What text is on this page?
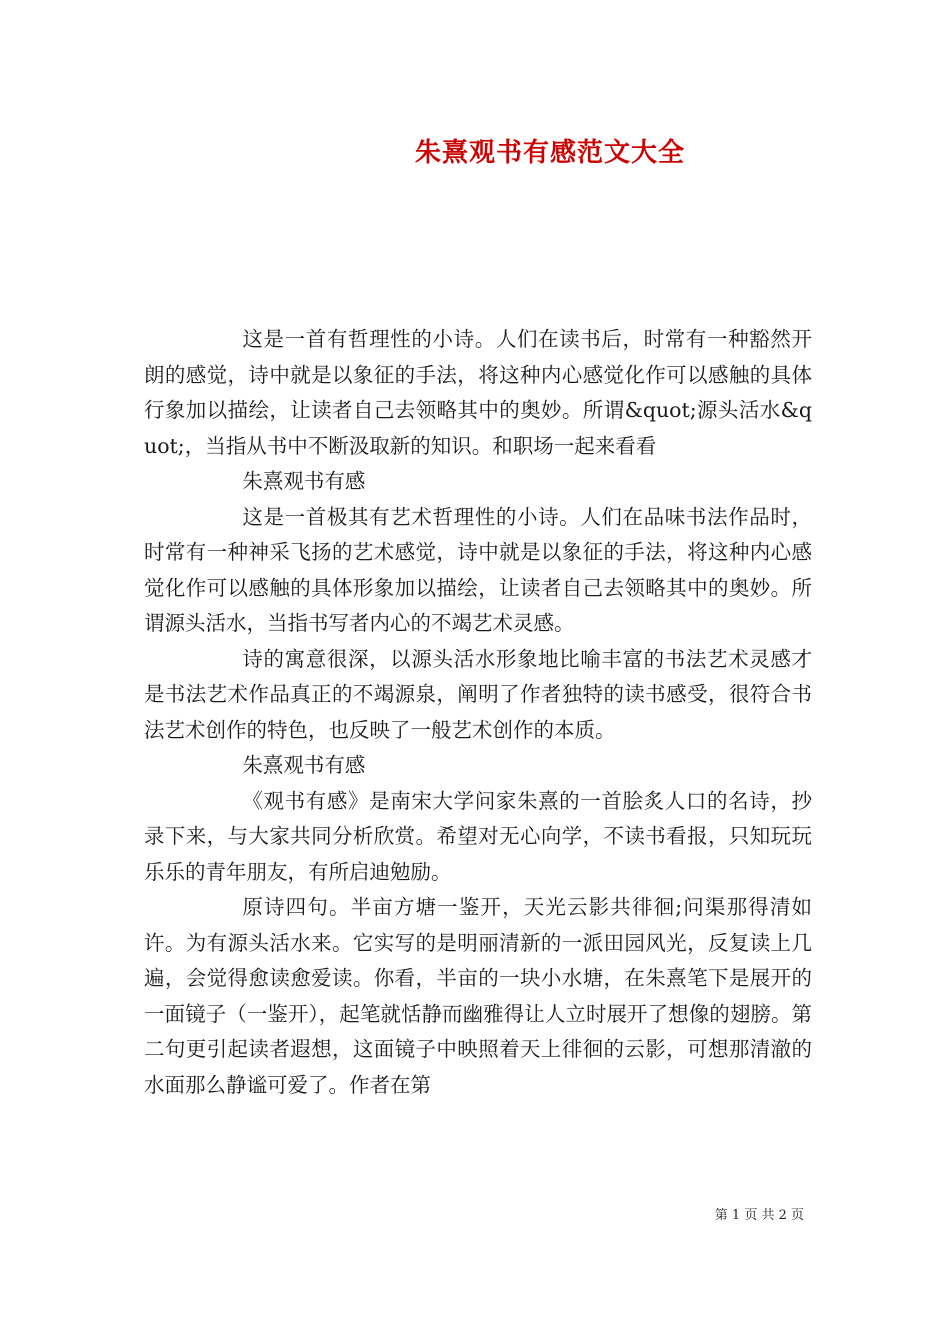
朱熹观书有感范文大全

这是一首有哲理性的小诗。人们在读书后，时常有一种豁然开朗的感觉，诗中就是以象征的手法，将这种内心感觉化作可以感触的具体行象加以描绘，让读者自己去领略其中的奥妙。所谓&quot;源头活水&quot;，当指从书中不断汲取新的知识。和职场一起来看看

朱熹观书有感

这是一首极其有艺术哲理性的小诗。人们在品味书法作品时，时常有一种神采飞扬的艺术感觉，诗中就是以象征的手法，将这种内心感觉化作可以感触的具体形象加以描绘，让读者自己去领略其中的奥妙。所谓源头活水，当指书写者内心的不竭艺术灵感。

诗的寓意很深，以源头活水形象地比喻丰富的书法艺术灵感才是书法艺术作品真正的不竭源泉，阐明了作者独特的读书感受，很符合书法艺术创作的特色，也反映了一般艺术创作的本质。

朱熹观书有感

《观书有感》是南宋大学问家朱熹的一首脍炙人口的名诗，抄录下来，与大家共同分析欣赏。希望对无心向学，不读书看报，只知玩玩乐乐的青年朋友，有所启迪勉励。

原诗四句。半亩方塘一鉴开，天光云影共徘徊;问渠那得清如许。为有源头活水来。它实写的是明丽清新的一派田园风光，反复读上几遍，会觉得愈读愈爱读。你看，半亩的一块小水塘，在朱熹笔下是展开的一面镜子（一鉴开），起笔就恬静而幽雅得让人立时展开了想像的翅膀。第二句更引起读者遐想，这面镜子中映照着天上徘徊的云影，可想那清澈的水面那么静谧可爱了。作者在第

第 1 页 共 2 页
